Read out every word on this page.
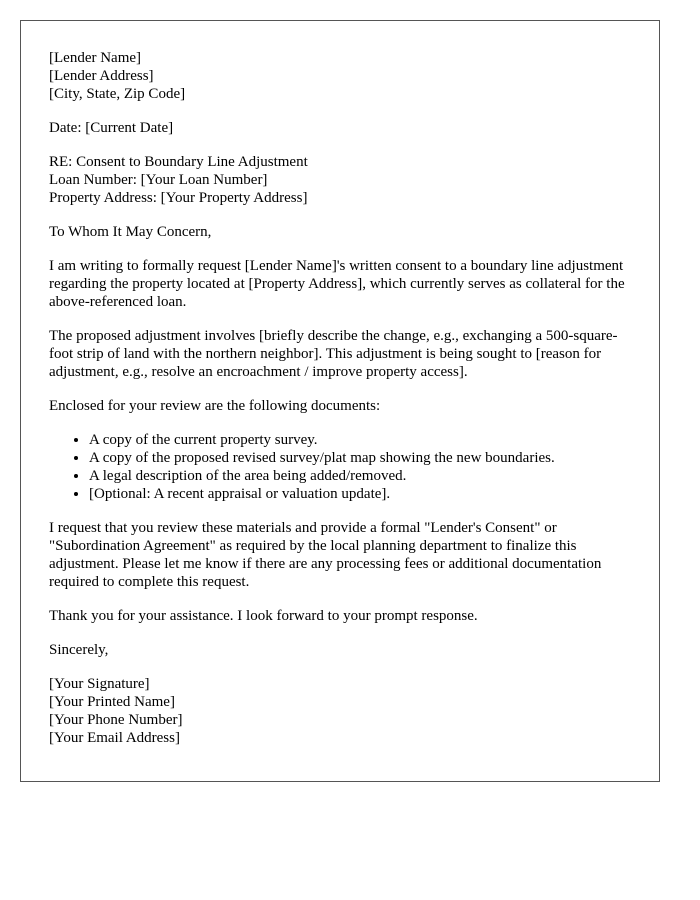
[Lender Name]
[Lender Address]
[City, State, Zip Code]

Date: [Current Date]

RE: Consent to Boundary Line Adjustment
Loan Number: [Your Loan Number]
Property Address: [Your Property Address]

To Whom It May Concern,

I am writing to formally request [Lender Name]'s written consent to a boundary line adjustment regarding the property located at [Property Address], which currently serves as collateral for the above-referenced loan.

The proposed adjustment involves [briefly describe the change, e.g., exchanging a 500-square-foot strip of land with the northern neighbor]. This adjustment is being sought to [reason for adjustment, e.g., resolve an encroachment / improve property access].

Enclosed for your review are the following documents:

• A copy of the current property survey.
• A copy of the proposed revised survey/plat map showing the new boundaries.
• A legal description of the area being added/removed.
• [Optional: A recent appraisal or valuation update].

I request that you review these materials and provide a formal "Lender's Consent" or "Subordination Agreement" as required by the local planning department to finalize this adjustment. Please let me know if there are any processing fees or additional documentation required to complete this request.

Thank you for your assistance. I look forward to your prompt response.

Sincerely,

[Your Signature]
[Your Printed Name]
[Your Phone Number]
[Your Email Address]
